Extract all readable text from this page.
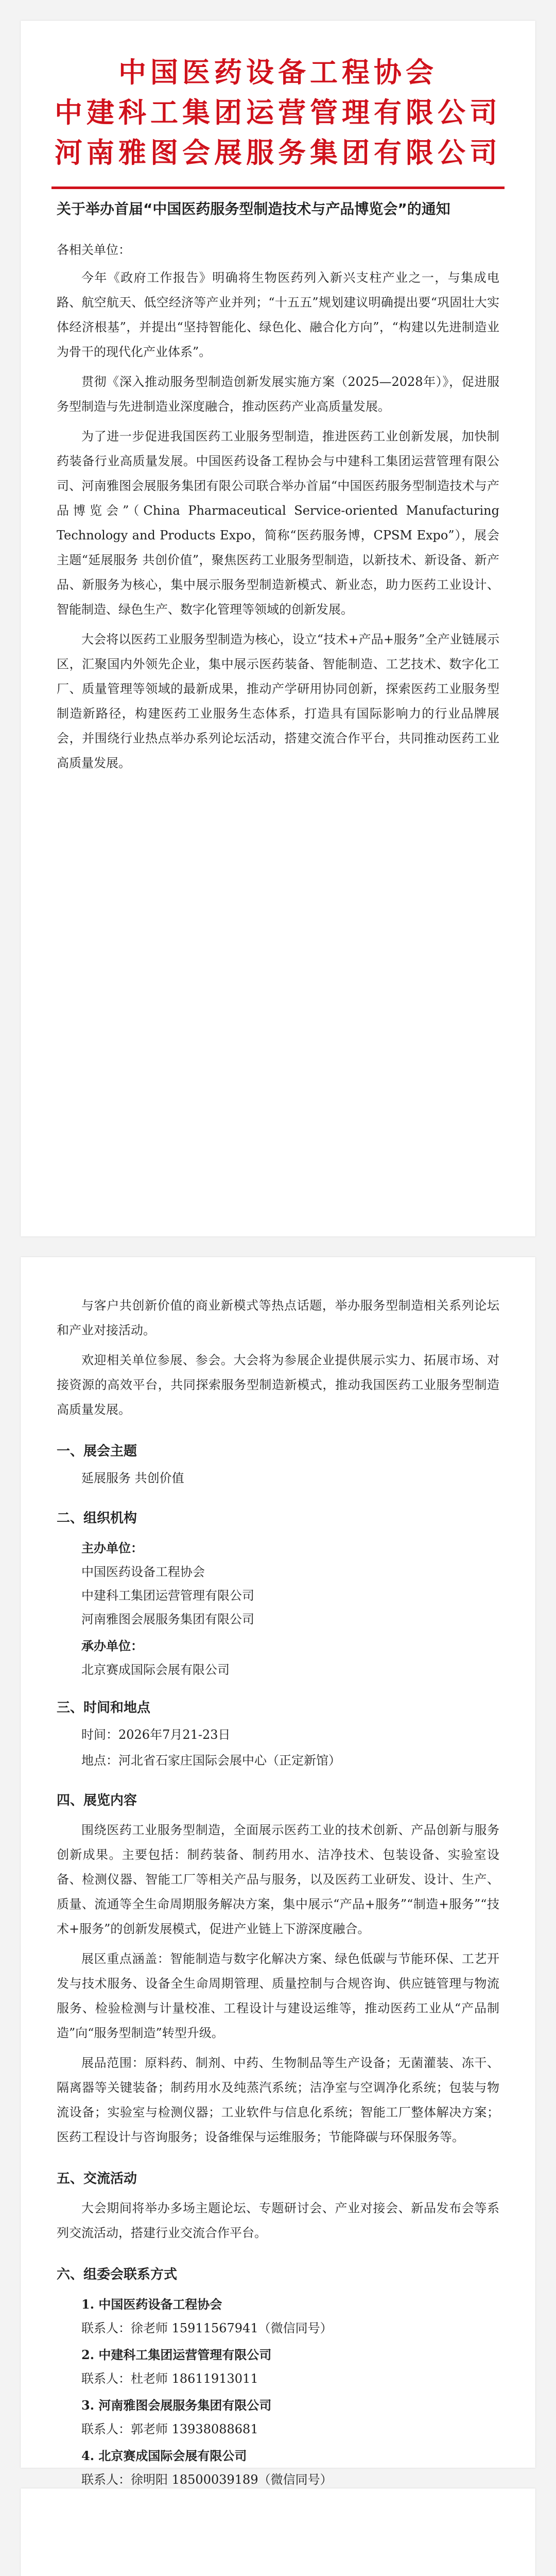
中国医药设备工程协会
中建科工集团运营管理有限公司
河南雅图会展服务集团有限公司
关于举办首届“中国医药服务型制造技术与产品博览会”的通知
各相关单位：
今年《政府工作报告》明确将生物医药列入新兴支柱产业之一，与集成电路、航空航天、低空经济等产业并列；“十五五”规划建议明确提出要“巩固壮大实体经济根基”，并提出“坚持智能化、绿色化、融合化方向”，“构建以先进制造业为骨干的现代化产业体系”。
贯彻《深入推动服务型制造创新发展实施方案（2025—2028年）》，促进服务型制造与先进制造业深度融合，推动医药产业高质量发展。
为了进一步促进我国医药工业服务型制造，推进医药工业创新发展，加快制药装备行业高质量发展。中国医药设备工程协会与中建科工集团运营管理有限公司、河南雅图会展服务集团有限公司联合举办首届“中国医药服务型制造技术与产品博览会”（China Pharmaceutical Service-oriented Manufacturing Technology and Products Expo，简称“医药服务博，CPSM Expo”），展会主题“延展服务 共创价值”，聚焦医药工业服务型制造，以新技术、新设备、新产品、新服务为核心，集中展示服务型制造新模式、新业态，助力医药工业设计、智能制造、绿色生产、数字化管理等领域的创新发展。
大会将以医药工业服务型制造为核心，设立“技术+产品+服务”全产业链展示区，汇聚国内外领先企业，集中展示医药装备、智能制造、工艺技术、数字化工厂、质量管理等领域的最新成果，推动产学研用协同创新，探索医药工业服务型制造新路径，构建医药工业服务生态体系，打造具有国际影响力的行业品牌展会，并围绕行业热点举办系列论坛活动，搭建交流合作平台，共同推动医药工业高质量发展。
与客户共创新价值的商业新模式等热点话题，举办服务型制造相关系列论坛和产业对接活动。
欢迎相关单位参展、参会。大会将为参展企业提供展示实力、拓展市场、对接资源的高效平台，共同探索服务型制造新模式，推动我国医药工业服务型制造高质量发展。
一、展会主题
延展服务 共创价值
二、组织机构
主办单位：
中国医药设备工程协会
中建科工集团运营管理有限公司
河南雅图会展服务集团有限公司
承办单位：
北京赛成国际会展有限公司
三、时间和地点
时间：2026年7月21-23日
地点：河北省石家庄国际会展中心（正定新馆）
四、展览内容
围绕医药工业服务型制造，全面展示医药工业的技术创新、产品创新与服务创新成果。主要包括：制药装备、制药用水、洁净技术、包装设备、实验室设备、检测仪器、智能工厂等相关产品与服务，以及医药工业研发、设计、生产、质量、流通等全生命周期服务解决方案，集中展示“产品+服务”“制造+服务”“技术+服务”的创新发展模式，促进产业链上下游深度融合。
展区重点涵盖：智能制造与数字化解决方案、绿色低碳与节能环保、工艺开发与技术服务、设备全生命周期管理、质量控制与合规咨询、供应链管理与物流服务、检验检测与计量校准、工程设计与建设运维等，推动医药工业从“产品制造”向“服务型制造”转型升级。
展品范围：原料药、制剂、中药、生物制品等生产设备；无菌灌装、冻干、隔离器等关键装备；制药用水及纯蒸汽系统；洁净室与空调净化系统；包装与物流设备；实验室与检测仪器；工业软件与信息化系统；智能工厂整体解决方案；医药工程设计与咨询服务；设备维保与运维服务；节能降碳与环保服务等。
五、交流活动
大会期间将举办多场主题论坛、专题研讨会、产业对接会、新品发布会等系列交流活动，搭建行业交流合作平台。
六、组委会联系方式
1. 中国医药设备工程协会
联系人：徐老师 15911567941（微信同号）
2. 中建科工集团运营管理有限公司
联系人：杜老师 18611913011
3. 河南雅图会展服务集团有限公司
联系人：郭老师 13938088681
4. 北京赛成国际会展有限公司
联系人：徐明阳 18500039189（微信同号）
